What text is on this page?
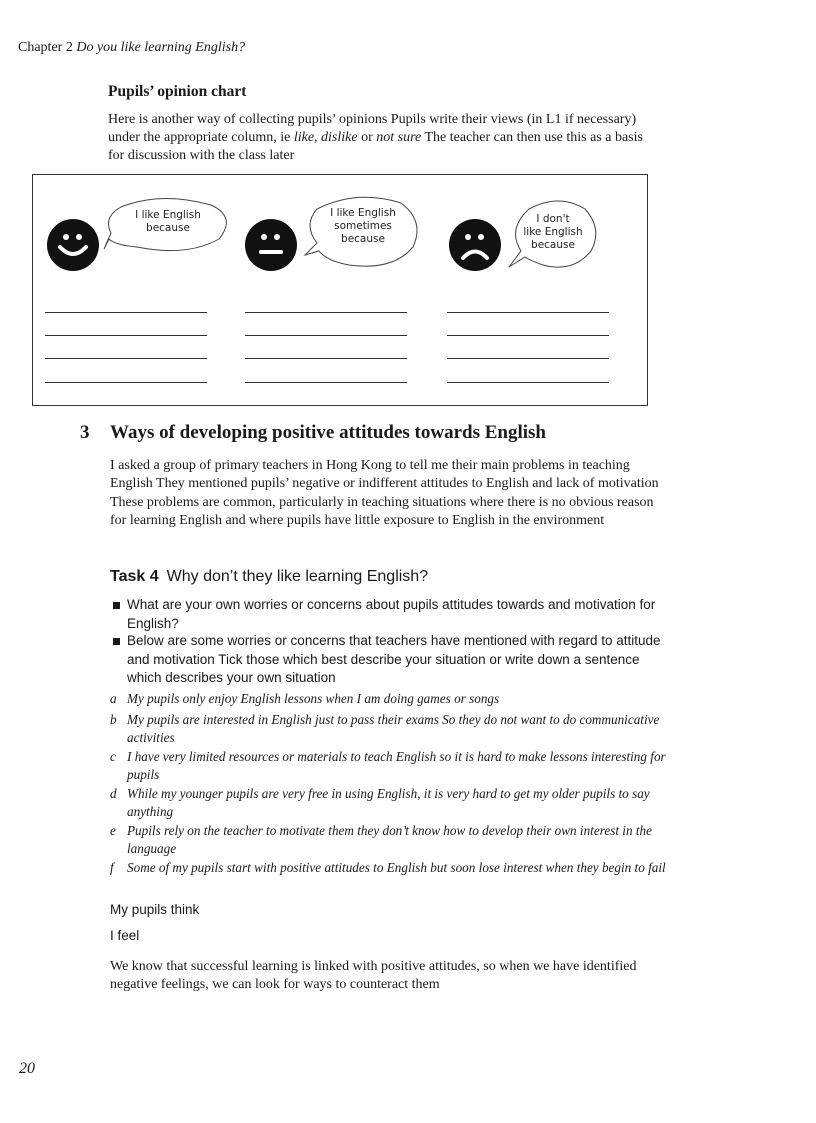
Chapter 2 Do you like learning English?
Pupils’ opinion chart
Here is another way of collecting pupils’ opinions Pupils write their views (in L1 if necessary) under the appropriate column, ie like, dislike or not sure The teacher can then use this as a basis for discussion with the class later
I like English
because
I like English
sometimes
because
I don't
like English
because
3 Ways of developing positive attitudes towards English
I asked a group of primary teachers in Hong Kong to tell me their main problems in teaching English They mentioned pupils’ negative or indifferent attitudes to English and lack of motivation These problems are common, particularly in teaching situations where there is no obvious reason for learning English and where pupils have little exposure to English in the environment
Task 4 Why don’t they like learning English?
What are your own worries or concerns about pupils attitudes towards and motivation for English?
Below are some worries or concerns that teachers have mentioned with regard to attitude and motivation Tick those which best describe your situation or write down a sentence which describes your own situation
a My pupils only enjoy English lessons when I am doing games or songs
b My pupils are interested in English just to pass their exams So they do not want to do communicative activities
c I have very limited resources or materials to teach English so it is hard to make lessons interesting for pupils
d While my younger pupils are very free in using English, it is very hard to get my older pupils to say anything
e Pupils rely on the teacher to motivate them they don’t know how to develop their own interest in the language
f Some of my pupils start with positive attitudes to English but soon lose interest when they begin to fail
My pupils think
I feel
We know that successful learning is linked with positive attitudes, so when we have identified negative feelings, we can look for ways to counteract them
20
